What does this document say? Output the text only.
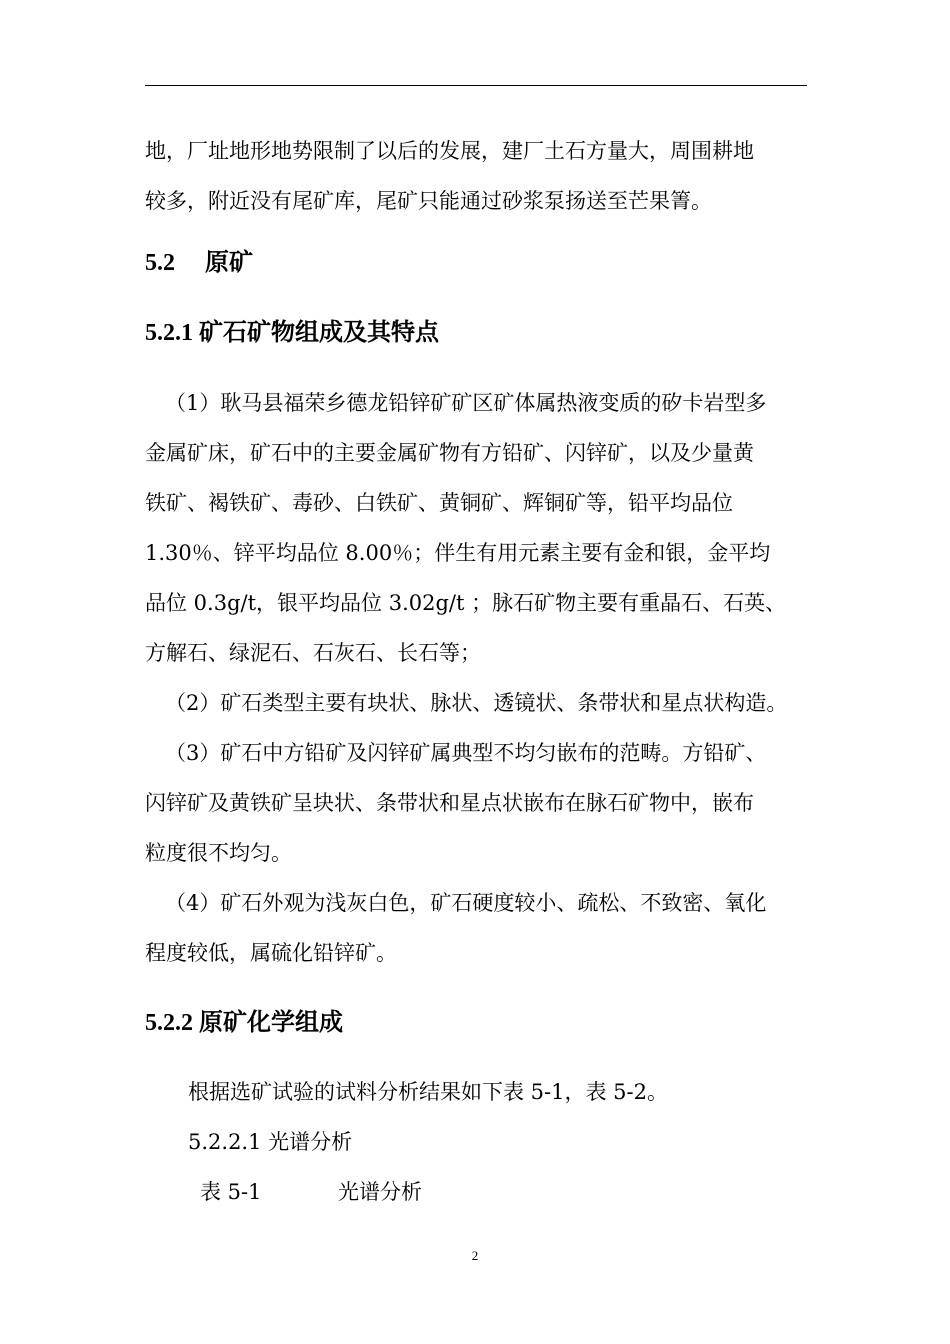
地，厂址地形地势限制了以后的发展，建厂土石方量大，周围耕地
较多，附近没有尾矿库，尾矿只能通过砂浆泵扬送至芒果箐。
5.2　 原矿
5.2.1 矿石矿物组成及其特点
（1）耿马县福荣乡德龙铅锌矿矿区矿体属热液变质的矽卡岩型多
金属矿床，矿石中的主要金属矿物有方铅矿、闪锌矿，以及少量黄
铁矿、褐铁矿、毒砂、白铁矿、黄铜矿、辉铜矿等，铅平均品位
1.30％、锌平均品位 8.00％；伴生有用元素主要有金和银，金平均
品位 0.3g/t，银平均品位 3.02g/t ；脉石矿物主要有重晶石、石英、
方解石、绿泥石、石灰石、长石等；
（2）矿石类型主要有块状、脉状、透镜状、条带状和星点状构造。
（3）矿石中方铅矿及闪锌矿属典型不均匀嵌布的范畴。方铅矿、
闪锌矿及黄铁矿呈块状、条带状和星点状嵌布在脉石矿物中，嵌布
粒度很不均匀。
（4）矿石外观为浅灰白色，矿石硬度较小、疏松、不致密、氧化
程度较低，属硫化铅锌矿。
5.2.2 原矿化学组成
根据选矿试验的试料分析结果如下表 5-1，表 5-2。
5.2.2.1 光谱分析
表 5-1	光谱分析
2
